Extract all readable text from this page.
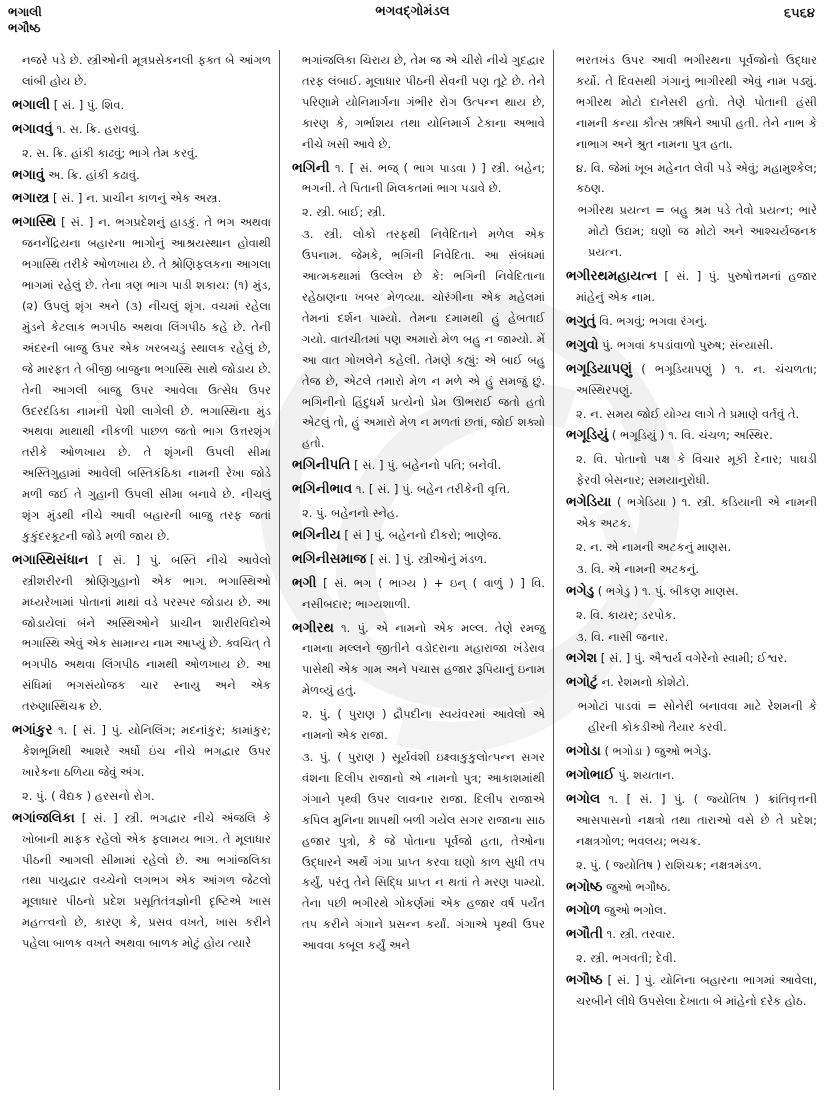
ભગાલી
ભગૌષ્ઠ
ભગવદ્ગોમંડલ	૬૫૬૪

નજરે પડે છે. સ્ત્રીઓની મૂત્રપ્રસેકનલી ફક્ત બે આંગળ લાંબી હોય છે.

ભગાલી [ સં. ] પું. શિવ.

ભગાવવું ૧. સ. ક્રિ. હરાવવું.

૨. સ. ક્રિ. હાંકી કાઢવું; ભાગે તેમ કરવું.

ભગાવું અ. ક્રિ. હાંકી કઢાવું.

ભગાસ્ત્ર [ સં. ] ન. પ્રાચીન કાળનું એક અસ્ત્ર.

ભગાસ્થિ [ સં. ] ન. ભગપ્રદેશનું હાડકું. તે ભગ અથવા જનનેંદ્રિયના બહારના ભાગોનું આશ્રયસ્થાન હોવાથી ભગાસ્થિ તરીકે ઓળખાય છે. તે શ્રોણિફલકના આગલા ભાગમાં રહેલું છે. તેના ત્રણ ભાગ પાડી શકાય: (૧) મુંડ, (૨) ઉપલું શૃંગ અને (૩) નીચલું શૃંગ. વચમાં રહેલા મુંડને કેટલાક ભગપીઠ અથવા લિંગપીઠ કહે છે. તેની અંદરની બાજુ ઉપર એક ખરબચડું સ્થાલક રહેલું છે, જે મારફત તે બીજી બાજુના ભગાસ્થિ સાથે જોડાય છે. તેની આગલી બાજુ ઉપર આવેલા ઉત્સેધ ઉપર ઉદરદંડિકા નામની પેશી લાગેલી છે. ભગાસ્થિના મુંડ અથવા માથાથી નીકળી પાછળ જતો ભાગ ઉત્તરશૃંગ તરીકે ઓળખાય છે. તે શૃંગની ઉપલી સીમા અસ્તિગુહામાં આવેલી બસ્તિકંઠિકા નામની રેખા જોડે મળી જઈ તે ગુહાની ઉપલી સીમા બનાવે છે. નીચલું શૃંગ મુંડથી નીચે આવી બહારની બાજુ તરફ જતાં કુકુંદરકૂટની જોડે મળી જાય છે.

ભગાસ્થિસંધાન [ સં. ] પું. બસ્તિ નીચે આવેલો સ્ત્રીશરીરની શ્રોણિગુહાનો એક ભાગ. ભગાસ્થિઓ મધ્યરેખામાં પોતાનાં માથાં વડે પરસ્પર જોડાય છે. આ જોડાયેલાં બંને અસ્થિઓને પ્રાચીન શારીરવિદોએ ભગાસ્થિ એવું એક સામાન્ય નામ આપ્યું છે. ક્વચિત્ તે ભગપીઠ અથવા લિંગપીઠ નામથી ઓળખાય છે. આ સંધિમાં ભગસંયોજક ચાર સ્નાયુ અને એક તરુણાસ્થિચક્ર છે.

ભગાંકુર ૧. [ સં. ] પું. યોનિલિંગ; મદનાંકુર; કામાંકુર; કેશભૂમિથી આશરે અર્ધો ઇંચ નીચે ભગદ્વાર ઉપર ખારેકના ઠળિયા જેવું અંગ.

૨. પું. ( વૈદ્યક ) હરસનો રોગ.

ભગાંજલિકા [ સં. ] સ્ત્રી. ભગદ્વાર નીચે અંજલિ કે ખોબાની માફક રહેલો એક ફલામય ભાગ. તે મૂલાધાર પીઠની આગલી સીમામાં રહેલો છે. આ ભગાંજલિકા તથા પાયુદ્વાર વચ્ચેનો લગભગ એક આંગળ જેટલો મૂલાધાર પીઠનો પ્રદેશ પ્રસૂતિતંત્રજ્ઞોની દૃષ્ટિએ ખાસ મહત્ત્વનો છે, કારણ કે, પ્રસવ વખતે, ખાસ કરીને પહેલા બાળક વખતે અથવા બાળક મોટું હોય ત્યારે

ભગાંજલિકા ચિરાય છે, તેમ જ એ ચીરો નીચે ગુદદ્વાર તરફ લંબાઈ. મૂલાધાર પીઠની સેવની પણ તૂટે છે. તેને પરિણામે યોનિમાર્ગના ગંભીર રોગ ઉત્પન્ન થાય છે, કારણ કે, ગર્ભાશય તથા યોનિમાર્ગ ટેકાના અભાવે નીચે ખસી આવે છે.

ભગિની ૧. [ સં. ભજ્ ( ભાગ પાડવા ) ] સ્ત્રી. બહેન; ભગની. તે પિતાની મિલકતમાં ભાગ પડાવે છે.

૨. સ્ત્રી. બાઈ; સ્ત્રી.

૩. સ્ત્રી. લોકો તરફથી નિવેદિતાને મળેલ એક ઉપનામ. જેમકે, ભગિની નિવેદિતા. આ સંબંધમાં આત્મકથામાં ઉલ્લેખ છે કે: ભગિની નિવેદિતાના રહેઠાણના ખબર મેળવ્યા. ચોરંગીના એક મહેલમાં તેમનાં દર્શન પામ્યો. તેમના દમામથી હું હેબતાઈ ગયો. વાતચીતમાં પણ અમારો મેળ બહુ ન જામ્યો. મેં આ વાત ગોખલેને કહેલી. તેમણે કહ્યું: એ બાઈ બહુ તેજ છે, એટલે તમારો મેળ ન મળે એ હું સમજું છું. ભગિનીનો હિંદુધર્મ પ્રત્યેનો પ્રેમ ઊભરાઈ જતો હતો એટલું તો, હું અમારો મેળ ન મળતાં છતાં, જોઈ શક્યો હતો.

ભગિનીપતિ [ સં. ] પું. બહેનનો પતિ; બનેવી.

ભગિનીભાવ ૧. [ સં. ] પું. બહેન તરીકેની વૃત્તિ.

૨. પું. બહેનનો સ્નેહ.

ભગિનીય [ સં ] પું. બહેનનો દીકરો; ભાણેજ.

ભગિનીસમાજ [ સં. ] પું. સ્ત્રીઓનું મંડળ.

ભગી [ સં. ભગ ( ભાગ્ય ) + ઇન્ ( વાળું ) ] વિ. નસીબદાર; ભાગ્યશાળી.

ભગીરથ ૧. પું. એ નામનો એક મલ્લ. તેણે રમજુ નામના મલ્લને જીતીને વડોદરાના મહારાજા ખંડેરાવ પાસેથી એક ગામ અને પચાસ હજાર રૂપિયાનું ઇનામ મેળવ્યું હતું.

૨. પું. ( પુરાણ ) દ્રૌપદીના સ્વયંવરમાં આવેલો એ નામનો એક રાજા.

૩. પું. ( પુરાણ ) સૂર્યવંશી ઇક્ષ્વાકુકુલોત્પન્ન સગર વંશના દિલીપ રાજાનો એ નામનો પુત્ર; આકાશમાંથી ગંગાને પૃથ્વી ઉપર લાવનાર રાજા. દિલીપ રાજાએ કપિલ મુનિના શાપથી બળી ગયેલ સગર રાજાના સાઠ હજાર પુત્રો, કે જે પોતાના પૂર્વજો હતા, તેઓના ઉદ્ધારને અર્થે ગંગા પ્રાપ્ત કરવા ઘણો કાળ સુધી તપ કર્યું, પરંતુ તેને સિદ્ધિ પ્રાપ્ત ન થતાં તે મરણ પામ્યો. તેના પછી ભગીરથે ગોકર્ણમાં એક હજાર વર્ષ પર્યંત તપ કરીને ગંગાને પ્રસન્ન કર્યાં. ગંગાએ પૃથ્વી ઉપર આવવા કબૂલ કર્યું અને

ભરતખંડ ઉપર આવી ભગીરથના પૂર્વજોનો ઉદ્ધાર કર્યો. તે દિવસથી ગંગાનું ભાગીરથી એવું નામ પડ્યું. ભગીરથ મોટો દાનેસરી હતો. તેણે પોતાની હંસી નામની કન્યા કૌત્સ ઋષિને આપી હતી. તેને નાભ કે નાભાગ અને શ્રુત નામના પુત્ર હતા.

૪. વિ. જેમાં ખૂબ મહેનત લેવી પડે એવું; મહામુશ્કેલ; કઠણ.

ભગીરથ પ્રયત્ન = બહુ શ્રમ પડે તેવો પ્રયત્ન; ભારે મોટો ઉદ્યમ; ઘણો જ મોટો અને આશ્ચર્યજનક પ્રયત્ન.

ભગીરથમહાયત્ન [ સં. ] પું. પુરુષોત્તમનાં હજાર માંહેનું એક નામ.

ભગુતું વિ. ભગવું; ભગવા રંગનું.

ભગુવો પું. ભગવાં કપડાંવાળો પુરુષ; સંન્યાસી.

ભગૂડિયાપણું ( ભગૂડિયાપણું ) ૧. ન. ચંચળતા; અસ્થિરપણું.

૨. ન. સમય જોઈ યોગ્ય લાગે તે પ્રમાણે વર્તવું તે.

ભગૂડિયું ( ભગૂડિયું ) ૧. વિ. ચંચળ; અસ્થિર.

૨. વિ. પોતાનો પક્ષ કે વિચાર મૂકી દેનાર; પાઘડી ફેરવી બેસનાર; સમયાનુરોધી.

ભગેડિયા ( ભગેડિયા ) ૧. સ્ત્રી. કડિયાની એ નામની એક અટક.

૨. ન. એ નામની અટકનું માણસ.

૩. વિ. એ નામની અટકનું.

ભગેડુ ( ભગેડુ ) ૧. પું. બીકણ માણસ.

૨. વિ. કાયર; ડરપોક.

૩. વિ. નાસી જનાર.

ભગેશ [ સં. ] પું. ઐશ્વર્ય વગેરેનો સ્વામી; ઈશ્વર.

ભગોટું ન. રેશમનો કોશેટો.

ભગોટાં પાડવાં = સોનેરી બનાવવા માટે રેશમની કે હીરની કોકડીઓ તૈયાર કરવી.

ભગોડા ( ભગોડા ) જુઓ ભગેડુ.

ભગોભાઈ પું. શયતાન.

ભગોલ ૧. [ સં. ] પું. ( જ્યોતિષ ) ક્રાંતિવૃત્તની આસપાસનો નક્ષત્રો તથા તારાઓ વસે છે તે પ્રદેશ; નક્ષત્રગોળ; ભવલય; ભચક્ર.

૨. પું. ( જ્યોતિષ ) રાશિચક્ર; નક્ષત્રમંડળ.

ભગોષ્ઠ જુઓ ભગૌષ્ઠ.

ભગોળ જુઓ ભગોલ.

ભગૌતી ૧. સ્ત્રી. તરવાર.

૨. સ્ત્રી. ભગવતી; દેવી.

ભગૌષ્ઠ [ સં. ] પું. યોનિના બહારના ભાગમાં આવેલા, ચરબીને લીધે ઉપસેલા દેખાતા બે માંહેનો દરેક હોઠ.
